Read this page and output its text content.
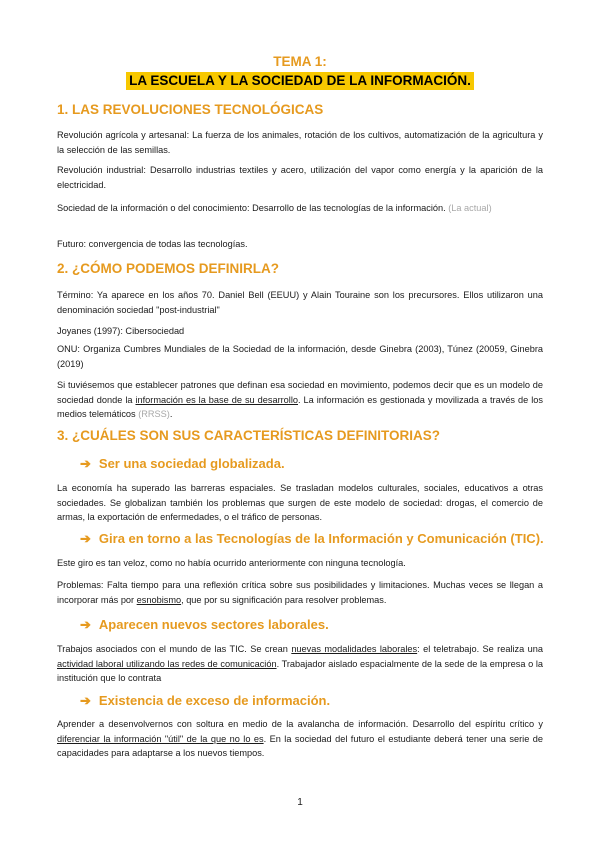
TEMA 1:
LA ESCUELA Y LA SOCIEDAD DE LA INFORMACIÓN.
1. LAS REVOLUCIONES TECNOLÓGICAS
Revolución agrícola y artesanal: La fuerza de los animales, rotación de los cultivos, automatización de la agricultura y la selección de las semillas.
Revolución industrial: Desarrollo industrias textiles y acero, utilización del vapor como energía y la aparición de la electricidad.
Sociedad de la información o del conocimiento: Desarrollo de las tecnologías de la información. (La actual)
Futuro: convergencia de todas las tecnologías.
2. ¿CÓMO PODEMOS DEFINIRLA?
Término: Ya aparece en los años 70. Daniel Bell (EEUU) y Alain Touraine son los precursores. Ellos utilizaron una denominación sociedad "post-industrial"
Joyanes (1997): Cibersociedad
ONU: Organiza Cumbres Mundiales de la Sociedad de la información, desde Ginebra (2003), Túnez (20059, Ginebra (2019)
Si tuviésemos que establecer patrones que definan esa sociedad en movimiento, podemos decir que es un modelo de sociedad donde la información es la base de su desarrollo. La información es gestionada y movilizada a través de los medios telemáticos (RRSS).
3. ¿CUÁLES SON SUS CARACTERÍSTICAS DEFINITORIAS?
➔ Ser una sociedad globalizada.
La economía ha superado las barreras espaciales. Se trasladan modelos culturales, sociales, educativos a otras sociedades. Se globalizan también los problemas que surgen de este modelo de sociedad: drogas, el comercio de armas, la exportación de enfermedades, o el tráfico de personas.
➔ Gira en torno a las Tecnologías de la Información y Comunicación (TIC).
Este giro es tan veloz, como no había ocurrido anteriormente con ninguna tecnología.
Problemas: Falta tiempo para una reflexión crítica sobre sus posibilidades y limitaciones. Muchas veces se llegan a incorporar más por esnobismo, que por su significación para resolver problemas.
➔ Aparecen nuevos sectores laborales.
Trabajos asociados con el mundo de las TIC. Se crean nuevas modalidades laborales: el teletrabajo. Se realiza una actividad laboral utilizando las redes de comunicación. Trabajador aislado espacialmente de la sede de la empresa o la institución que lo contrata
➔ Existencia de exceso de información.
Aprender a desenvolvernos con soltura en medio de la avalancha de información. Desarrollo del espíritu crítico y diferenciar la información "útil" de la que no lo es. En la sociedad del futuro el estudiante deberá tener una serie de capacidades para adaptarse a los nuevos tiempos.
1
